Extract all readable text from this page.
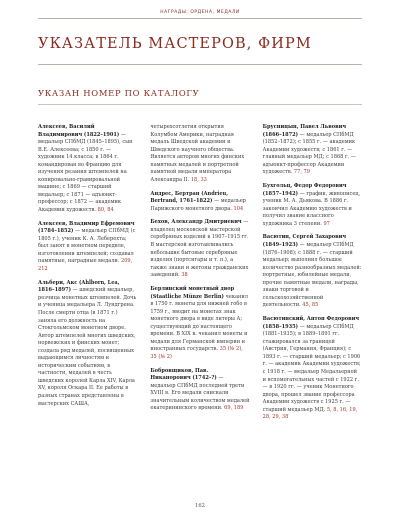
НАГРАДЫ, ОРДЕНА, МЕДАЛИ
УКАЗАТЕЛЬ МАСТЕРОВ, ФИРМ
УКАЗАН НОМЕР ПО КАТАЛОГУ

Алексеев, Василий Владимирович (1822–1901) — медальер СПбМД (1845–1895), сын В.Е. Алексеева; с 1850 г. — художник 14 класса; в 1864 г. командирован во Францию для изучения резания штемпелей на копировально-гравировальной машине; с 1869 — старший медальер; с 1871 — адъюнкт-профессор; с 1872 — академик Академии художеств. 80, 84

Алексеев, Владимир Ефремович (1784–1852) — медальер СПбМД (с 1805 г.), ученик К. А. Леберехта; был занят в монетном передвле, изготовлении штемпелей; создавал памятные, наградные медали. 209, 212

Альбери, Акс (Ahlborn, Lea, 1816–1897) — шведский медальер, резчица монетных штемпелей. Дочь и ученица медальера Л. Лундгрена. После смерти отца (в 1871 г.) заняла его должность на Стокгольмском монетном дворе. Автор штемпелей многих шведских, норвежских и финских монет; создала ряд медалей, посвященных выдающимся личностям и историческим событиям, в частности, медалей в честь шведских королей Карла XIV, Карла XV, короля Оскара II. Ее работы в разных странах представлены в мастерских САША,

четырехсотлетия открытия Колумбом Америки, наградная медаль Шведской академии и Шведского научного общества. Является автором многих финских памятных медалей и портретной памятной медали императора Александра II. 18, 33

Андрес, Бертран (Andrieu, Bertrand, 1761–1822) — медальер Парижского монетного двора. 104

Бехов, Александр Дмитриевич — владелец московской мастерской серебряных изделий в 1907–1915 гг. В мастерской изготавливались небольшие бытовые серебряные изделия (портсигары и т. п.), а также знаки и жетоны гражданских заведений. 38

Берлинский монетный двор (Staatliche Münze Berlin) чеканил в 1750 г. монеты для нижней гобо в 1759 г., вводит на монетах знак монетного двора в виде литеры А; существующий до настоящего времени. В XIX в. чеканил монеты и медали для Германской империи и иностранных государств. 35 (№ 2), 35 (№ 2)

Бобровщиков, Пав. Никанорович (1742–?) — медальер СПбМД последней трети XVIII в. Его медали снискали значительным количеством медалей екатерининского времени. 69, 189

Брусницын, Павел Львович (1866–1872) — медальер СПбМД (1852–1872); с 1855 г. — академик Академии художеств; с 1861 г. — главный медальер МД; с 1868 г. — адъюнкт-профессор Академии художеств. 77, 79

Бухгольц, Федор Федорович (1857–1942) — график, живописец, ученик М. А. Дьякова. В 1886 г. закончил Академию художеств и получил звание классного художника 3 степени. 97

Васютин, Сергей Захарович (1849–1923) — медальер СПбМД (1876–1908); с 1888 г. — старший медальер; выполнил большое количество разнообразных медалей: портретные, юбилейные медали, прочие памятные медали, награды, знаки торговой и сельскохозяйственной деятельности. 45, 85

Васютинский, Антон Федорович (1858–1935) — медальер СПбМД (1881–1935); в 1889–1891 гг. стажировался за границей (Австрия, Германия, Франция); с 1893 г. — старший медальер; с 1906 г. — академик Академии художеств; с 1918 г. — медальер Медальерной и вспомогательных частей с 1922 г. — в 1920 гг. — ученик Монетного двора, прошел звание профессора Академии художеств с 1925 г. — старший медальер МД. 5, 8, 16, 19, 28, 29, 38

162
